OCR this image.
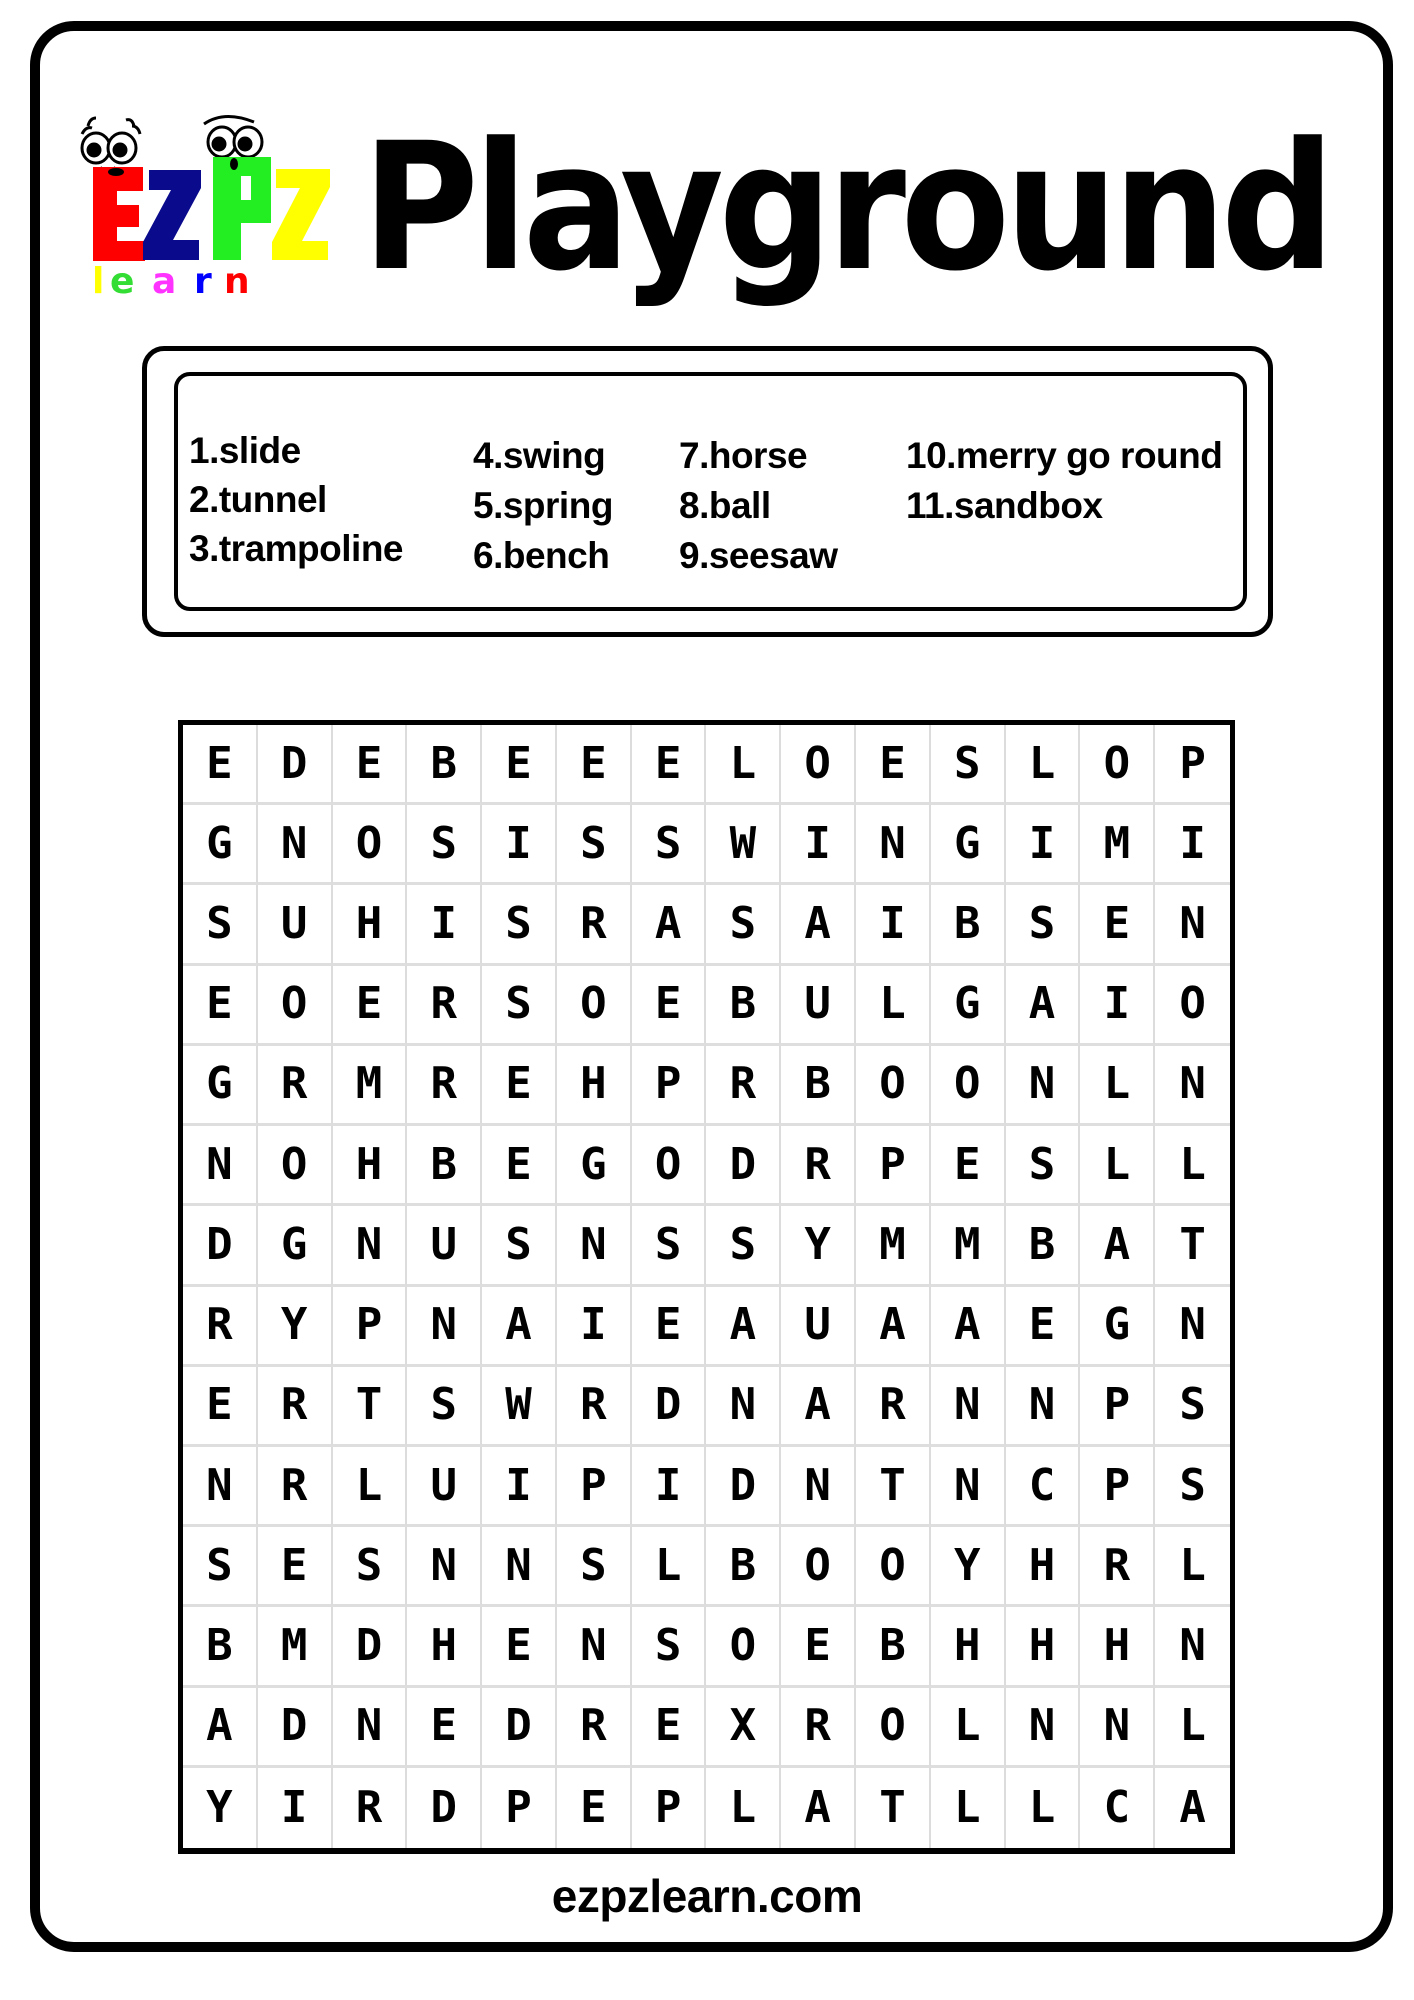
l e a r n Playground
1.slide
2.tunnel
3.trampoline
4.swing
5.spring
6.bench
7.horse
8.ball
9.seesaw
10.merry go round
11.sandbox
E	D	E	B	E	E	E	L	O	E	S	L	O	P
G	N	O	S	I	S	S	W	I	N	G	I	M	I
S	U	H	I	S	R	A	S	A	I	B	S	E	N
E	O	E	R	S	O	E	B	U	L	G	A	I	O
G	R	M	R	E	H	P	R	B	O	O	N	L	N
N	O	H	B	E	G	O	D	R	P	E	S	L	L
D	G	N	U	S	N	S	S	Y	M	M	B	A	T
R	Y	P	N	A	I	E	A	U	A	A	E	G	N
E	R	T	S	W	R	D	N	A	R	N	N	P	S
N	R	L	U	I	P	I	D	N	T	N	C	P	S
S	E	S	N	N	S	L	B	O	O	Y	H	R	L
B	M	D	H	E	N	S	O	E	B	H	H	H	N
A	D	N	E	D	R	E	X	R	O	L	N	N	L
Y	I	R	D	P	E	P	L	A	T	L	L	C	A
ezpzlearn.com
